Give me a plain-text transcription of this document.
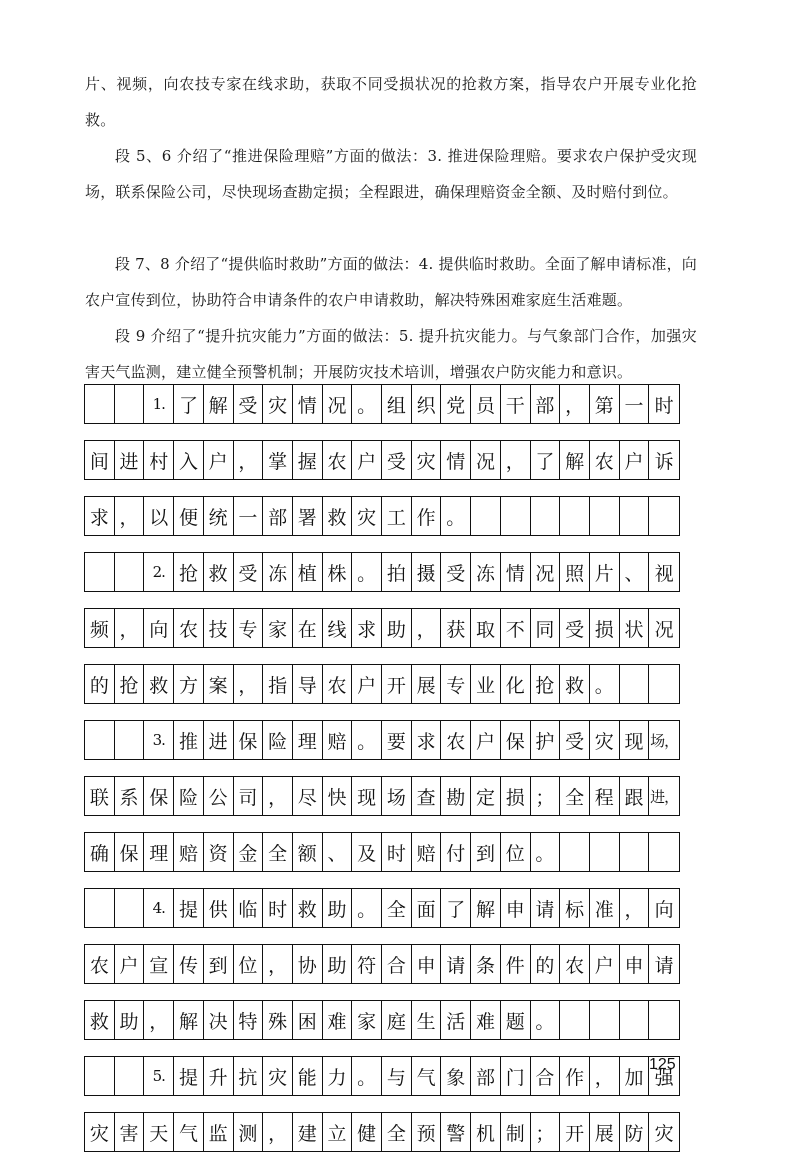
片、视频，向农技专家在线求助，获取不同受损状况的抢救方案，指导农户开展专业化抢救。

段 5、6 介绍了“推进保险理赔”方面的做法：3. 推进保险理赔。要求农户保护受灾现场，联系保险公司，尽快现场查勘定损；全程跟进，确保理赔资金全额、及时赔付到位。

段 7、8 介绍了“提供临时救助”方面的做法：4. 提供临时救助。全面了解申请标准，向农户宣传到位，协助符合申请条件的农户申请救助，解决特殊困难家庭生活难题。

段 9 介绍了“提升抗灾能力”方面的做法：5. 提升抗灾能力。与气象部门合作，加强灾害天气监测，建立健全预警机制；开展防灾技术培训，增强农户防灾能力和意识。

1. 了 解 受 灾 情 况 。 组 织 党 员 干 部 ， 第 一 时
间 进 村 入 户 ， 掌 握 农 户 受 灾 情 况 ， 了 解 农 户 诉
求 ， 以 便 统 一 部 署 救 灾 工 作 。
2. 抢 救 受 冻 植 株 。 拍 摄 受 冻 情 况 照 片 、 视
频 ， 向 农 技 专 家 在 线 求 助 ， 获 取 不 同 受 损 状 况
的 抢 救 方 案 ， 指 导 农 户 开 展 专 业 化 抢 救 。
3. 推 进 保 险 理 赔 。 要 求 农 户 保 护 受 灾 现 场，
联 系 保 险 公 司 ， 尽 快 现 场 查 勘 定 损 ； 全 程 跟 进，
确 保 理 赔 资 金 全 额 、 及 时 赔 付 到 位 。
4. 提 供 临 时 救 助 。 全 面 了 解 申 请 标 准 ， 向
农 户 宣 传 到 位 ， 协 助 符 合 申 请 条 件 的 农 户 申 请
救 助 ， 解 决 特 殊 困 难 家 庭 生 活 难 题 。
5. 提 升 抗 灾 能 力 。 与 气 象 部 门 合 作 ， 加 强
灾 害 天 气 监 测 ， 建 立 健 全 预 警 机 制 ； 开 展 防 灾
125
